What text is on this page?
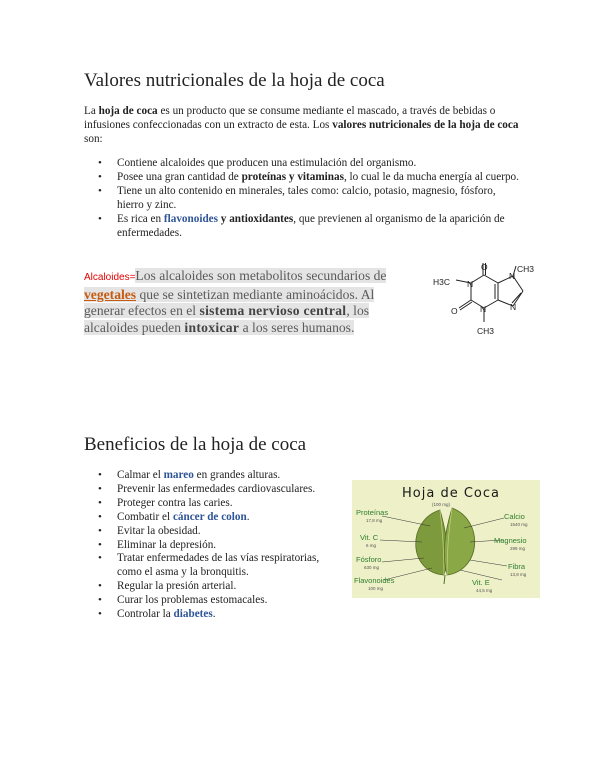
Valores nutricionales de la hoja de coca
La hoja de coca es un producto que se consume mediante el mascado, a través de bebidas o infusiones confeccionadas con un extracto de esta. Los valores nutricionales de la hoja de coca son:
• Contiene alcaloides que producen una estimulación del organismo.
• Posee una gran cantidad de proteínas y vitaminas, lo cual le da mucha energía al cuerpo.
• Tiene un alto contenido en minerales, tales como: calcio, potasio, magnesio, fósforo, hierro y zinc.
• Es rica en flavonoides y antioxidantes, que previenen al organismo de la aparición de enfermedades.
Alcaloides=Los alcaloides son metabolitos secundarios de vegetales que se sintetizan mediante aminoácidos. Al generar efectos en el sistema nervioso central, los alcaloides pueden intoxicar a los seres humanos.
O
O
N
N
N
N
H3C
CH3
CH3
Beneficios de la hoja de coca
• Calmar el mareo en grandes alturas.
• Prevenir las enfermedades cardiovasculares.
• Proteger contra las caries.
• Combatir el cáncer de colon.
• Evitar la obesidad.
• Eliminar la depresión.
• Tratar enfermedades de las vías respiratorias, como el asma y la bronquitis.
• Regular la presión arterial.
• Curar los problemas estomacales.
• Controlar la diabetes.
Hoja de Coca
(100 mg)
Proteínas
17,8 mg
Vit. C
6 mg
Fósforo
630 mg
Flavonoides
100 mg
Calcio
1540 mg
Magnesio
299 mg
Fibra
13,8 mg
Vit. E
44,5 mg
